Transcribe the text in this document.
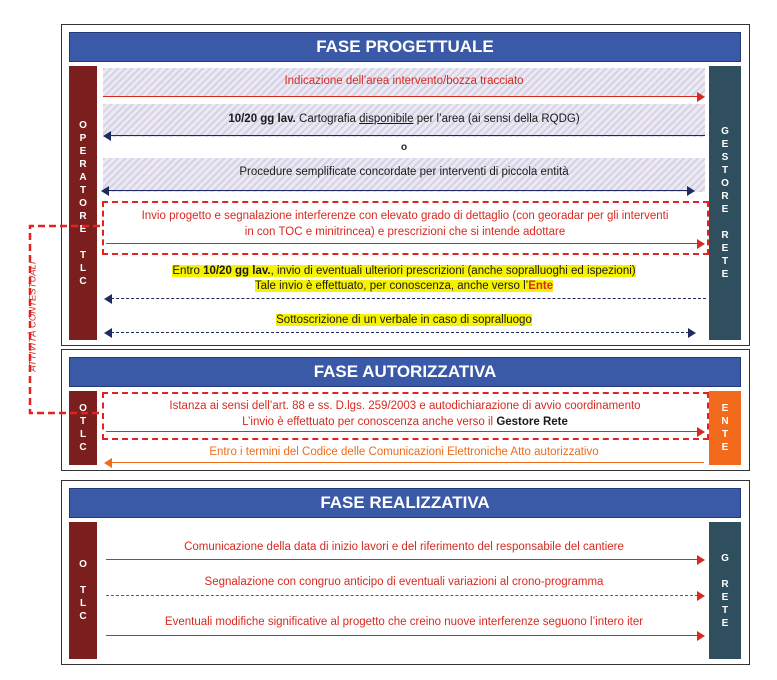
FASE PROGETTUALE
O
P
E
R
A
T
O
R
E

T
L
C
G
E
S
T
O
R
E

R
E
T
E
Indicazione dell’area intervento/bozza tracciato
10/20 gg lav. Cartografia disponibile per l’area (ai sensi della RQDG)
o
Procedure semplificate concordate per interventi di piccola entità
Invio progetto e segnalazione interferenze con elevato grado di dettaglio (con georadar per gli interventi
in con TOC e minitrincea) e prescrizioni che si intende adottare
Entro 10/20 gg lav., invio di eventuali ulteriori prescrizioni (anche sopralluoghi ed ispezioni)
Tale invio è effettuato, per conoscenza, anche verso l’Ente
Sottoscrizione di un verbale in caso di sopralluogo
FASE AUTORIZZATIVA
O
T
L
C
E
N
T
E
Istanza ai sensi dell’art. 88 e ss. D.lgs. 259/2003 e autodichiarazione di avvio coordinamento
L’invio è effettuato per conoscenza anche verso il Gestore Rete
Entro i termini del Codice delle Comunicazioni Elettroniche Atto autorizzativo
FASE REALIZZATIVA
O

T
L
C
G

R
E
T
E
Comunicazione della data di inizio lavori e del riferimento del responsabile del cantiere
Segnalazione con congruo anticipo di eventuali variazioni al crono-programma
Eventuali modifiche significative al progetto che creino nuove interferenze seguono l’intero iter
ATTIVITÀ CONTESTUALI
